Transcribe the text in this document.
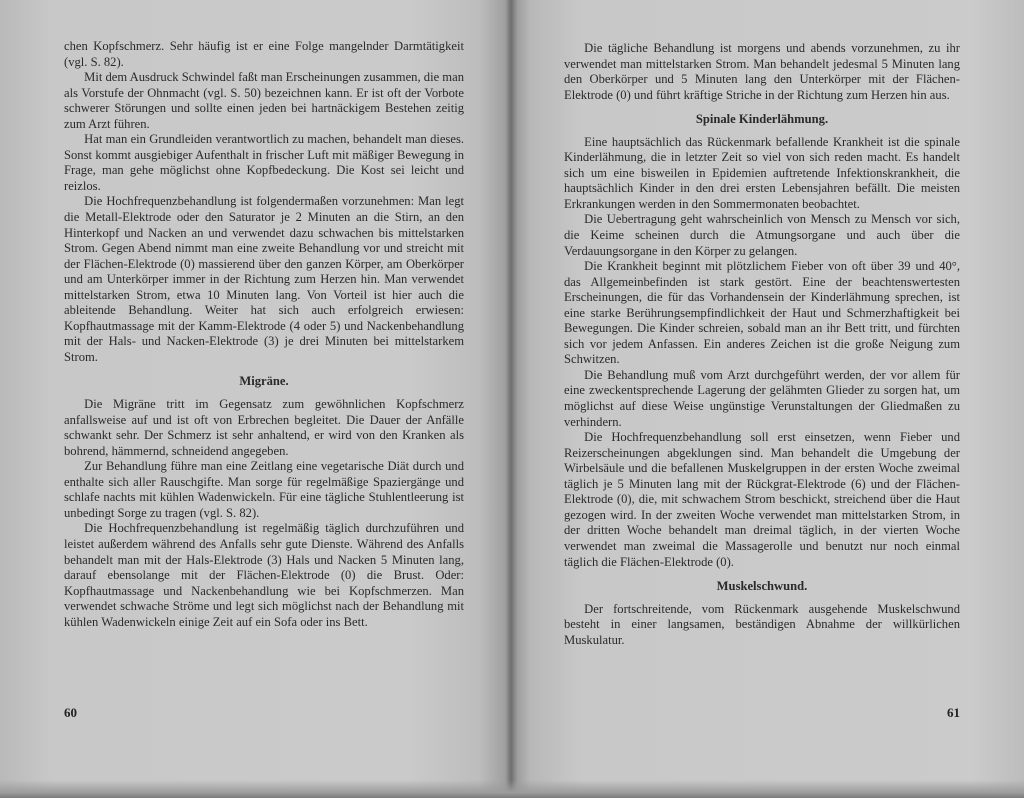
chen Kopfschmerz. Sehr häufig ist er eine Folge mangelnder Darmtätigkeit (vgl. S. 82).

Mit dem Ausdruck Schwindel faßt man Erscheinungen zusammen, die man als Vorstufe der Ohnmacht (vgl. S. 50) bezeichnen kann. Er ist oft der Vorbote schwerer Störungen und sollte einen jeden bei hartnäckigem Bestehen zeitig zum Arzt führen.

Hat man ein Grundleiden verantwortlich zu machen, behandelt man dieses. Sonst kommt ausgiebiger Aufenthalt in frischer Luft mit mäßiger Bewegung in Frage, man gehe möglichst ohne Kopfbedeckung. Die Kost sei leicht und reizlos.

Die Hochfrequenzbehandlung ist folgendermaßen vorzunehmen: Man legt die Metall-Elektrode oder den Saturator je 2 Minuten an die Stirn, an den Hinterkopf und Nacken an und verwendet dazu schwachen bis mittelstarken Strom. Gegen Abend nimmt man eine zweite Behandlung vor und streicht mit der Flächen-Elektrode (0) massierend über den ganzen Körper, am Oberkörper und am Unterkörper immer in der Richtung zum Herzen hin. Man verwendet mittelstarken Strom, etwa 10 Minuten lang. Von Vorteil ist hier auch die ableitende Behandlung. Weiter hat sich auch erfolgreich erwiesen: Kopfhautmassage mit der Kamm-Elektrode (4 oder 5) und Nackenbehandlung mit der Hals- und Nacken-Elektrode (3) je drei Minuten bei mittelstarkem Strom.

Migräne.

Die Migräne tritt im Gegensatz zum gewöhnlichen Kopfschmerz anfallsweise auf und ist oft von Erbrechen begleitet. Die Dauer der Anfälle schwankt sehr. Der Schmerz ist sehr anhaltend, er wird von den Kranken als bohrend, hämmernd, schneidend angegeben.

Zur Behandlung führe man eine Zeitlang eine vegetarische Diät durch und enthalte sich aller Rauschgifte. Man sorge für regelmäßige Spaziergänge und schlafe nachts mit kühlen Wadenwickeln. Für eine tägliche Stuhlentleerung ist unbedingt Sorge zu tragen (vgl. S. 82).

Die Hochfrequenzbehandlung ist regelmäßig täglich durchzuführen und leistet außerdem während des Anfalls sehr gute Dienste. Während des Anfalls behandelt man mit der Hals-Elektrode (3) Hals und Nacken 5 Minuten lang, darauf ebensolange mit der Flächen-Elektrode (0) die Brust. Oder: Kopfhautmassage und Nackenbehandlung wie bei Kopfschmerzen. Man verwendet schwache Ströme und legt sich möglichst nach der Behandlung mit kühlen Wadenwickeln einige Zeit auf ein Sofa oder ins Bett.

60

Die tägliche Behandlung ist morgens und abends vorzunehmen, zu ihr verwendet man mittelstarken Strom. Man behandelt jedesmal 5 Minuten lang den Oberkörper und 5 Minuten lang den Unterkörper mit der Flächen-Elektrode (0) und führt kräftige Striche in der Richtung zum Herzen hin aus.

Spinale Kinderlähmung.

Eine hauptsächlich das Rückenmark befallende Krankheit ist die spinale Kinderlähmung, die in letzter Zeit so viel von sich reden macht. Es handelt sich um eine bisweilen in Epidemien auftretende Infektionskrankheit, die hauptsächlich Kinder in den drei ersten Lebensjahren befällt. Die meisten Erkrankungen werden in den Sommermonaten beobachtet.

Die Uebertragung geht wahrscheinlich von Mensch zu Mensch vor sich, die Keime scheinen durch die Atmungsorgane und auch über die Verdauungsorgane in den Körper zu gelangen.

Die Krankheit beginnt mit plötzlichem Fieber von oft über 39 und 40°, das Allgemeinbefinden ist stark gestört. Eine der beachtenswertesten Erscheinungen, die für das Vorhandensein der Kinderlähmung sprechen, ist eine starke Berührungsempfindlichkeit der Haut und Schmerzhaftigkeit bei Bewegungen. Die Kinder schreien, sobald man an ihr Bett tritt, und fürchten sich vor jedem Anfassen. Ein anderes Zeichen ist die große Neigung zum Schwitzen.

Die Behandlung muß vom Arzt durchgeführt werden, der vor allem für eine zweckentsprechende Lagerung der gelähmten Glieder zu sorgen hat, um möglichst auf diese Weise ungünstige Verunstaltungen der Gliedmaßen zu verhindern.

Die Hochfrequenzbehandlung soll erst einsetzen, wenn Fieber und Reizerscheinungen abgeklungen sind. Man behandelt die Umgebung der Wirbelsäule und die befallenen Muskelgruppen in der ersten Woche zweimal täglich je 5 Minuten lang mit der Rückgrat-Elektrode (6) und der Flächen-Elektrode (0), die, mit schwachem Strom beschickt, streichend über die Haut gezogen wird. In der zweiten Woche verwendet man mittelstarken Strom, in der dritten Woche behandelt man dreimal täglich, in der vierten Woche verwendet man zweimal die Massagerolle und benutzt nur noch einmal täglich die Flächen-Elektrode (0).

Muskelschwund.

Der fortschreitende, vom Rückenmark ausgehende Muskelschwund besteht in einer langsamen, beständigen Abnahme der willkürlichen Muskulatur.

61
